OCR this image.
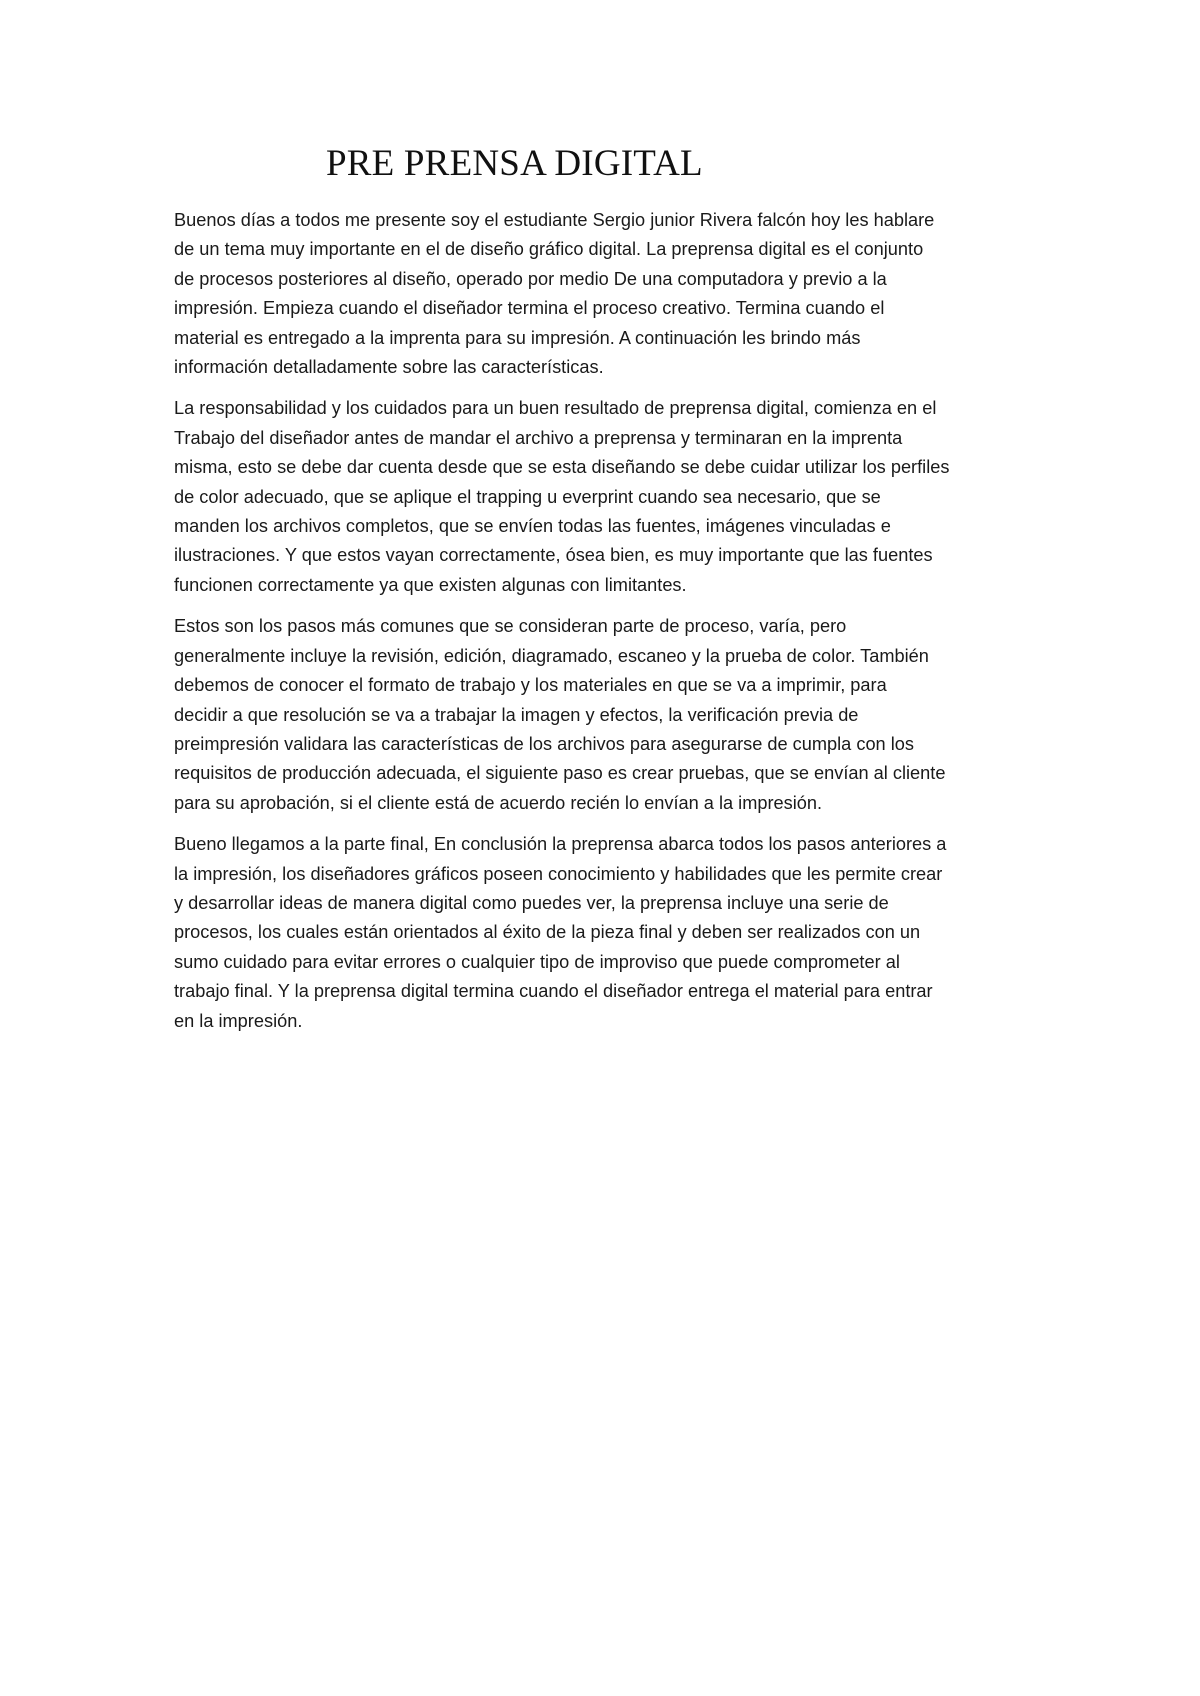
PRE PRENSA DIGITAL

Buenos días a todos me presente soy el estudiante Sergio junior Rivera falcón hoy les hablare
de un tema muy importante en el de diseño gráfico digital. La preprensa digital es el conjunto
de procesos posteriores al diseño, operado por medio De una computadora y previo a la
impresión. Empieza cuando el diseñador termina el proceso creativo. Termina cuando el
material es entregado a la imprenta para su impresión. A continuación les brindo más
información detalladamente sobre las características.

La responsabilidad y los cuidados para un buen resultado de preprensa digital, comienza en el
Trabajo del diseñador antes de mandar el archivo a preprensa y terminaran en la imprenta
misma, esto se debe dar cuenta desde que se esta diseñando se debe cuidar utilizar los perfiles
de color adecuado, que se aplique el trapping u everprint cuando sea necesario, que se
manden los archivos completos, que se envíen todas las fuentes, imágenes vinculadas e
ilustraciones. Y que estos vayan correctamente, ósea bien, es muy importante que las fuentes
funcionen correctamente ya que existen algunas con limitantes.

Estos son los pasos más comunes que se consideran parte de proceso, varía, pero
generalmente incluye la revisión, edición, diagramado, escaneo y la prueba de color. También
debemos de conocer el formato de trabajo y los materiales en que se va a imprimir, para
decidir a que resolución se va a trabajar la imagen y efectos, la verificación previa de
preimpresión validara las características de los archivos para asegurarse de cumpla con los
requisitos de producción adecuada, el siguiente paso es crear pruebas, que se envían al cliente
para su aprobación, si el cliente está de acuerdo recién lo envían a la impresión.

Bueno llegamos a la parte final, En conclusión la preprensa abarca todos los pasos anteriores a
la impresión, los diseñadores gráficos poseen conocimiento y habilidades que les permite crear
y desarrollar ideas de manera digital como puedes ver, la preprensa incluye una serie de
procesos, los cuales están orientados al éxito de la pieza final y deben ser realizados con un
sumo cuidado para evitar errores o cualquier tipo de improviso que puede comprometer al
trabajo final. Y la preprensa digital termina cuando el diseñador entrega el material para entrar
en la impresión.
